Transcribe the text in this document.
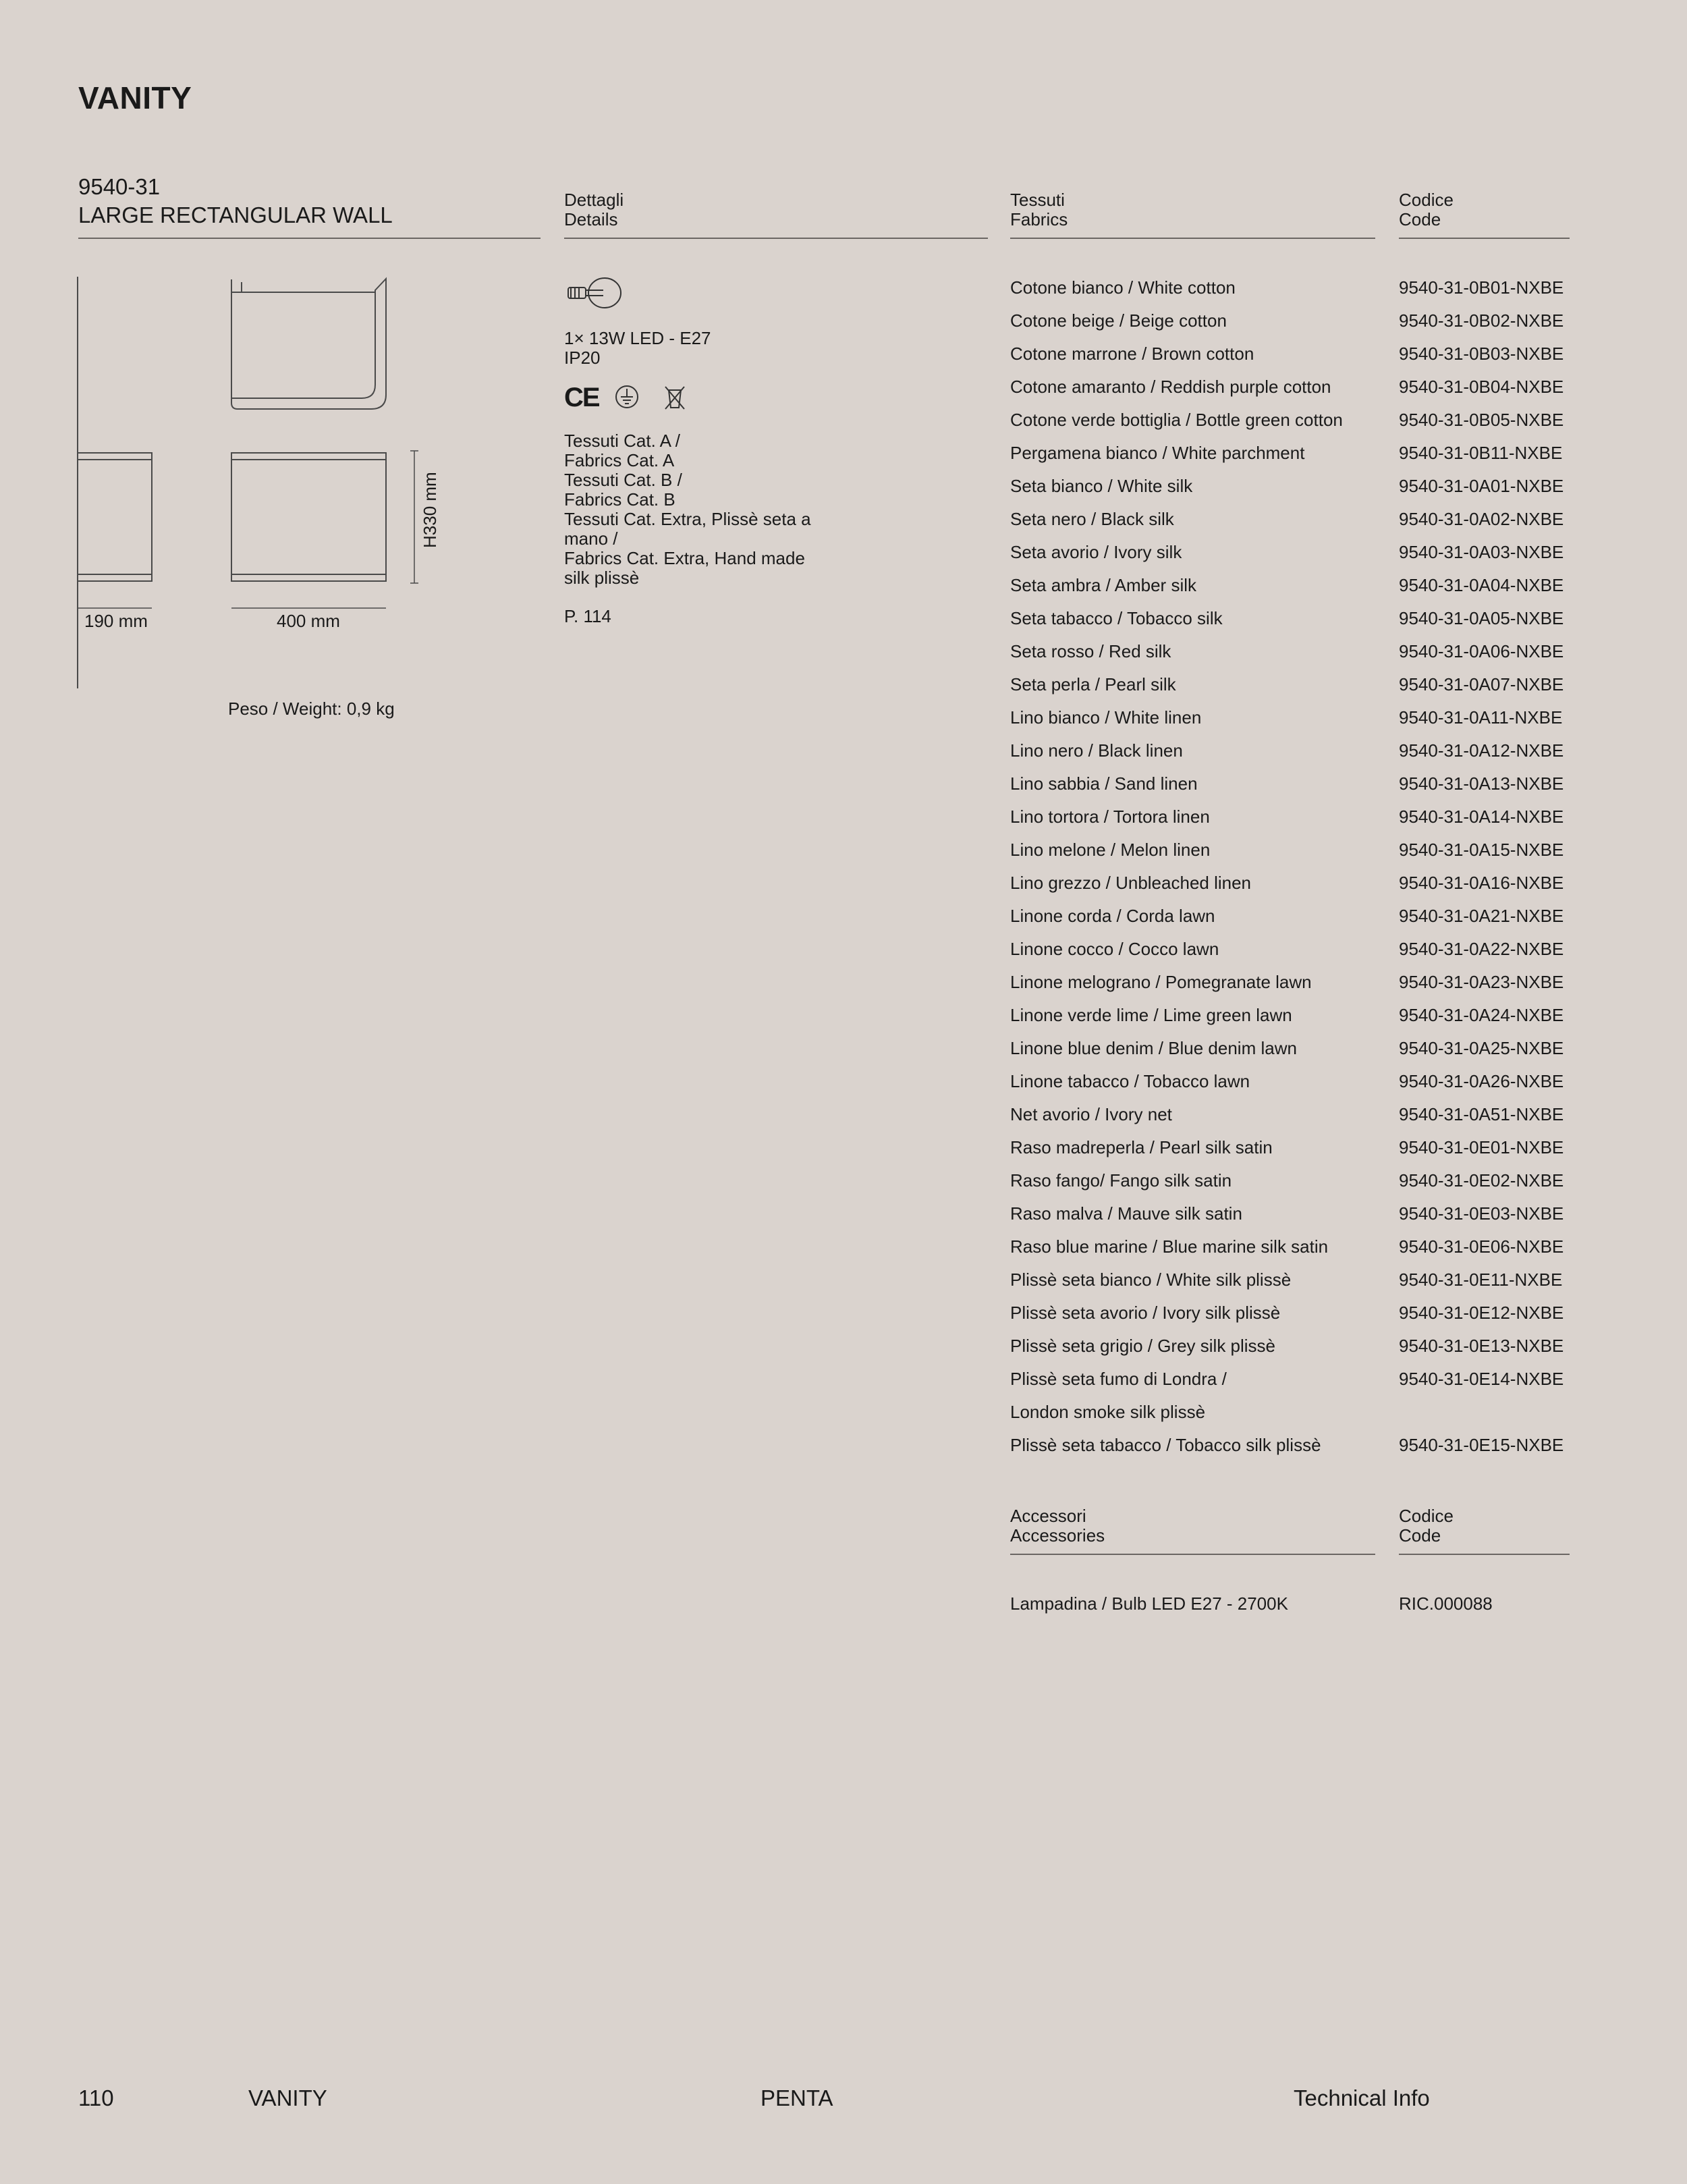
VANITY
9540-31
LARGE RECTANGULAR WALL
Dettagli
Details
Tessuti
Fabrics
Codice
Code
190 mm	400 mm
H330 mm
Peso / Weight: 0,9 kg
1× 13W LED - E27
IP20
CE
Tessuti Cat. A /
Fabrics Cat. A
Tessuti Cat. B /
Fabrics Cat. B
Tessuti Cat. Extra, Plissè seta a
mano /
Fabrics Cat. Extra, Hand made
silk plissè
P. 114
Cotone bianco / White cotton	9540-31-0B01-NXBE
Cotone beige / Beige cotton	9540-31-0B02-NXBE
Cotone marrone / Brown cotton	9540-31-0B03-NXBE
Cotone amaranto / Reddish purple cotton	9540-31-0B04-NXBE
Cotone verde bottiglia / Bottle green cotton	9540-31-0B05-NXBE
Pergamena bianco / White parchment	9540-31-0B11-NXBE
Seta bianco / White silk	9540-31-0A01-NXBE
Seta nero / Black silk	9540-31-0A02-NXBE
Seta avorio / Ivory silk	9540-31-0A03-NXBE
Seta ambra / Amber silk	9540-31-0A04-NXBE
Seta tabacco / Tobacco silk	9540-31-0A05-NXBE
Seta rosso / Red silk	9540-31-0A06-NXBE
Seta perla / Pearl silk	9540-31-0A07-NXBE
Lino bianco / White linen	9540-31-0A11-NXBE
Lino nero / Black linen	9540-31-0A12-NXBE
Lino sabbia / Sand linen	9540-31-0A13-NXBE
Lino tortora / Tortora linen	9540-31-0A14-NXBE
Lino melone / Melon linen	9540-31-0A15-NXBE
Lino grezzo / Unbleached linen	9540-31-0A16-NXBE
Linone corda / Corda lawn	9540-31-0A21-NXBE
Linone cocco / Cocco lawn	9540-31-0A22-NXBE
Linone melograno / Pomegranate lawn	9540-31-0A23-NXBE
Linone verde lime / Lime green lawn	9540-31-0A24-NXBE
Linone blue denim / Blue denim lawn	9540-31-0A25-NXBE
Linone tabacco / Tobacco lawn	9540-31-0A26-NXBE
Net avorio / Ivory net	9540-31-0A51-NXBE
Raso madreperla / Pearl silk satin	9540-31-0E01-NXBE
Raso fango/ Fango silk satin	9540-31-0E02-NXBE
Raso malva / Mauve silk satin	9540-31-0E03-NXBE
Raso blue marine / Blue marine silk satin	9540-31-0E06-NXBE
Plissè seta bianco / White silk plissè	9540-31-0E11-NXBE
Plissè seta avorio / Ivory silk plissè	9540-31-0E12-NXBE
Plissè seta grigio / Grey silk plissè	9540-31-0E13-NXBE
Plissè seta fumo di Londra /	9540-31-0E14-NXBE
London smoke silk plissè
Plissè seta tabacco / Tobacco silk plissè	9540-31-0E15-NXBE
Accessori
Accessories
Codice
Code
Lampadina / Bulb LED E27 - 2700K	RIC.000088
110	VANITY	PENTA	Technical Info
